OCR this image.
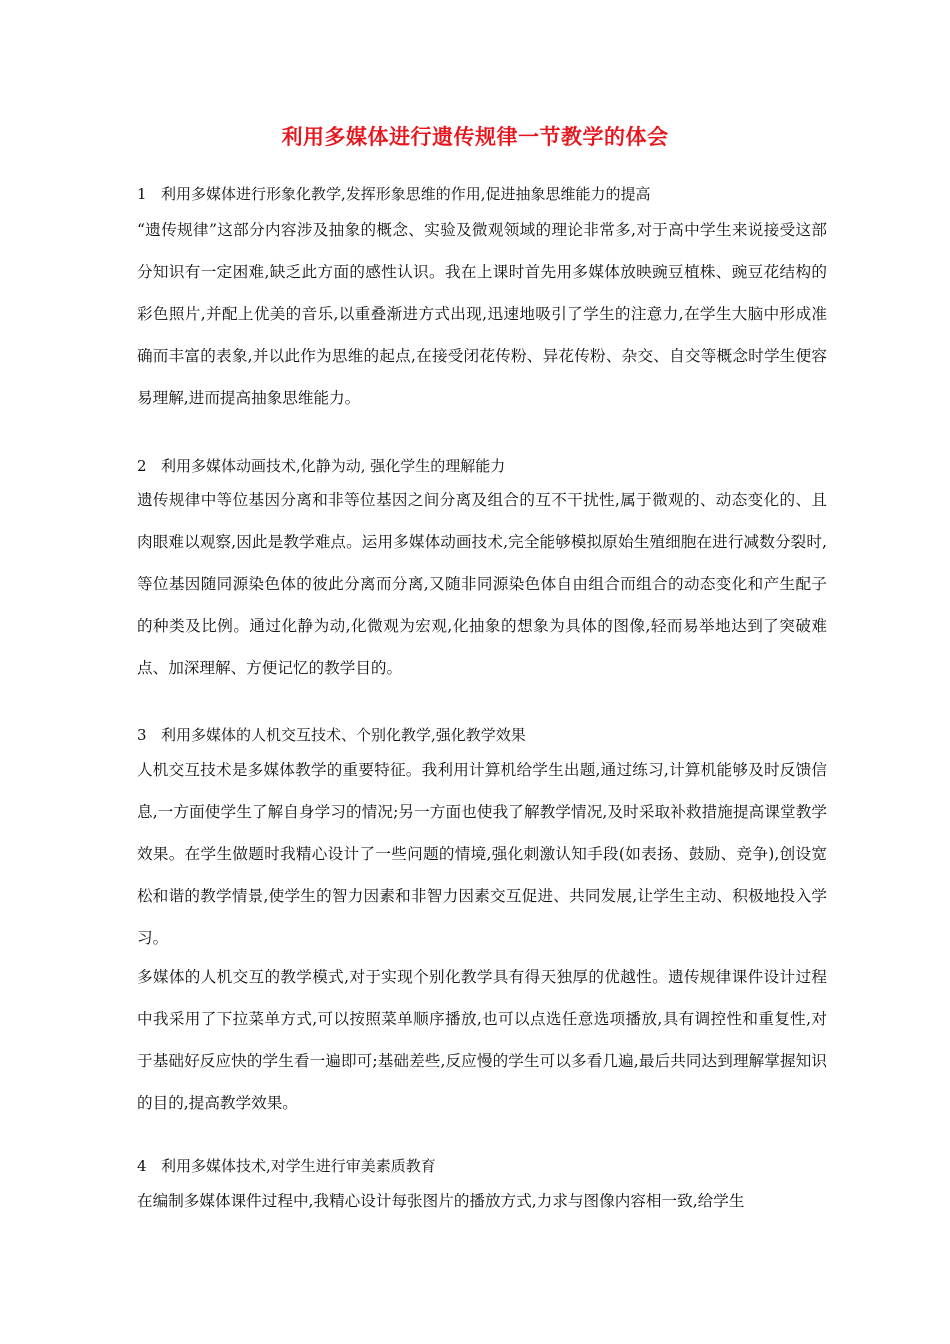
利用多媒体进行遗传规律一节教学的体会
1 利用多媒体进行形象化教学,发挥形象思维的作用,促进抽象思维能力的提高
“遗传规律”这部分内容涉及抽象的概念、实验及微观领域的理论非常多,对于高中学生来说接受这部分知识有一定困难,缺乏此方面的感性认识。我在上课时首先用多媒体放映豌豆植株、豌豆花结构的彩色照片,并配上优美的音乐,以重叠渐进方式出现,迅速地吸引了学生的注意力,在学生大脑中形成准确而丰富的表象,并以此作为思维的起点,在接受闭花传粉、异花传粉、杂交、自交等概念时学生便容易理解,进而提高抽象思维能力。
2 利用多媒体动画技术,化静为动, 强化学生的理解能力
遗传规律中等位基因分离和非等位基因之间分离及组合的互不干扰性,属于微观的、动态变化的、且肉眼难以观察,因此是教学难点。运用多媒体动画技术,完全能够模拟原始生殖细胞在进行减数分裂时,等位基因随同源染色体的彼此分离而分离,又随非同源染色体自由组合而组合的动态变化和产生配子的种类及比例。通过化静为动,化微观为宏观,化抽象的想象为具体的图像,轻而易举地达到了突破难点、加深理解、方便记忆的教学目的。
3 利用多媒体的人机交互技术、个别化教学,强化教学效果
人机交互技术是多媒体教学的重要特征。我利用计算机给学生出题,通过练习,计算机能够及时反馈信息,一方面使学生了解自身学习的情况;另一方面也使我了解教学情况,及时采取补救措施提高课堂教学效果。在学生做题时我精心设计了一些问题的情境,强化刺激认知手段(如表扬、鼓励、竞争),创设宽松和谐的教学情景,使学生的智力因素和非智力因素交互促进、共同发展,让学生主动、积极地投入学习。
多媒体的人机交互的教学模式,对于实现个别化教学具有得天独厚的优越性。遗传规律课件设计过程中我采用了下拉菜单方式,可以按照菜单顺序播放,也可以点选任意选项播放,具有调控性和重复性,对于基础好反应快的学生看一遍即可;基础差些,反应慢的学生可以多看几遍,最后共同达到理解掌握知识的目的,提高教学效果。
4 利用多媒体技术,对学生进行审美素质教育
在编制多媒体课件过程中,我精心设计每张图片的播放方式,力求与图像内容相一致,给学生
